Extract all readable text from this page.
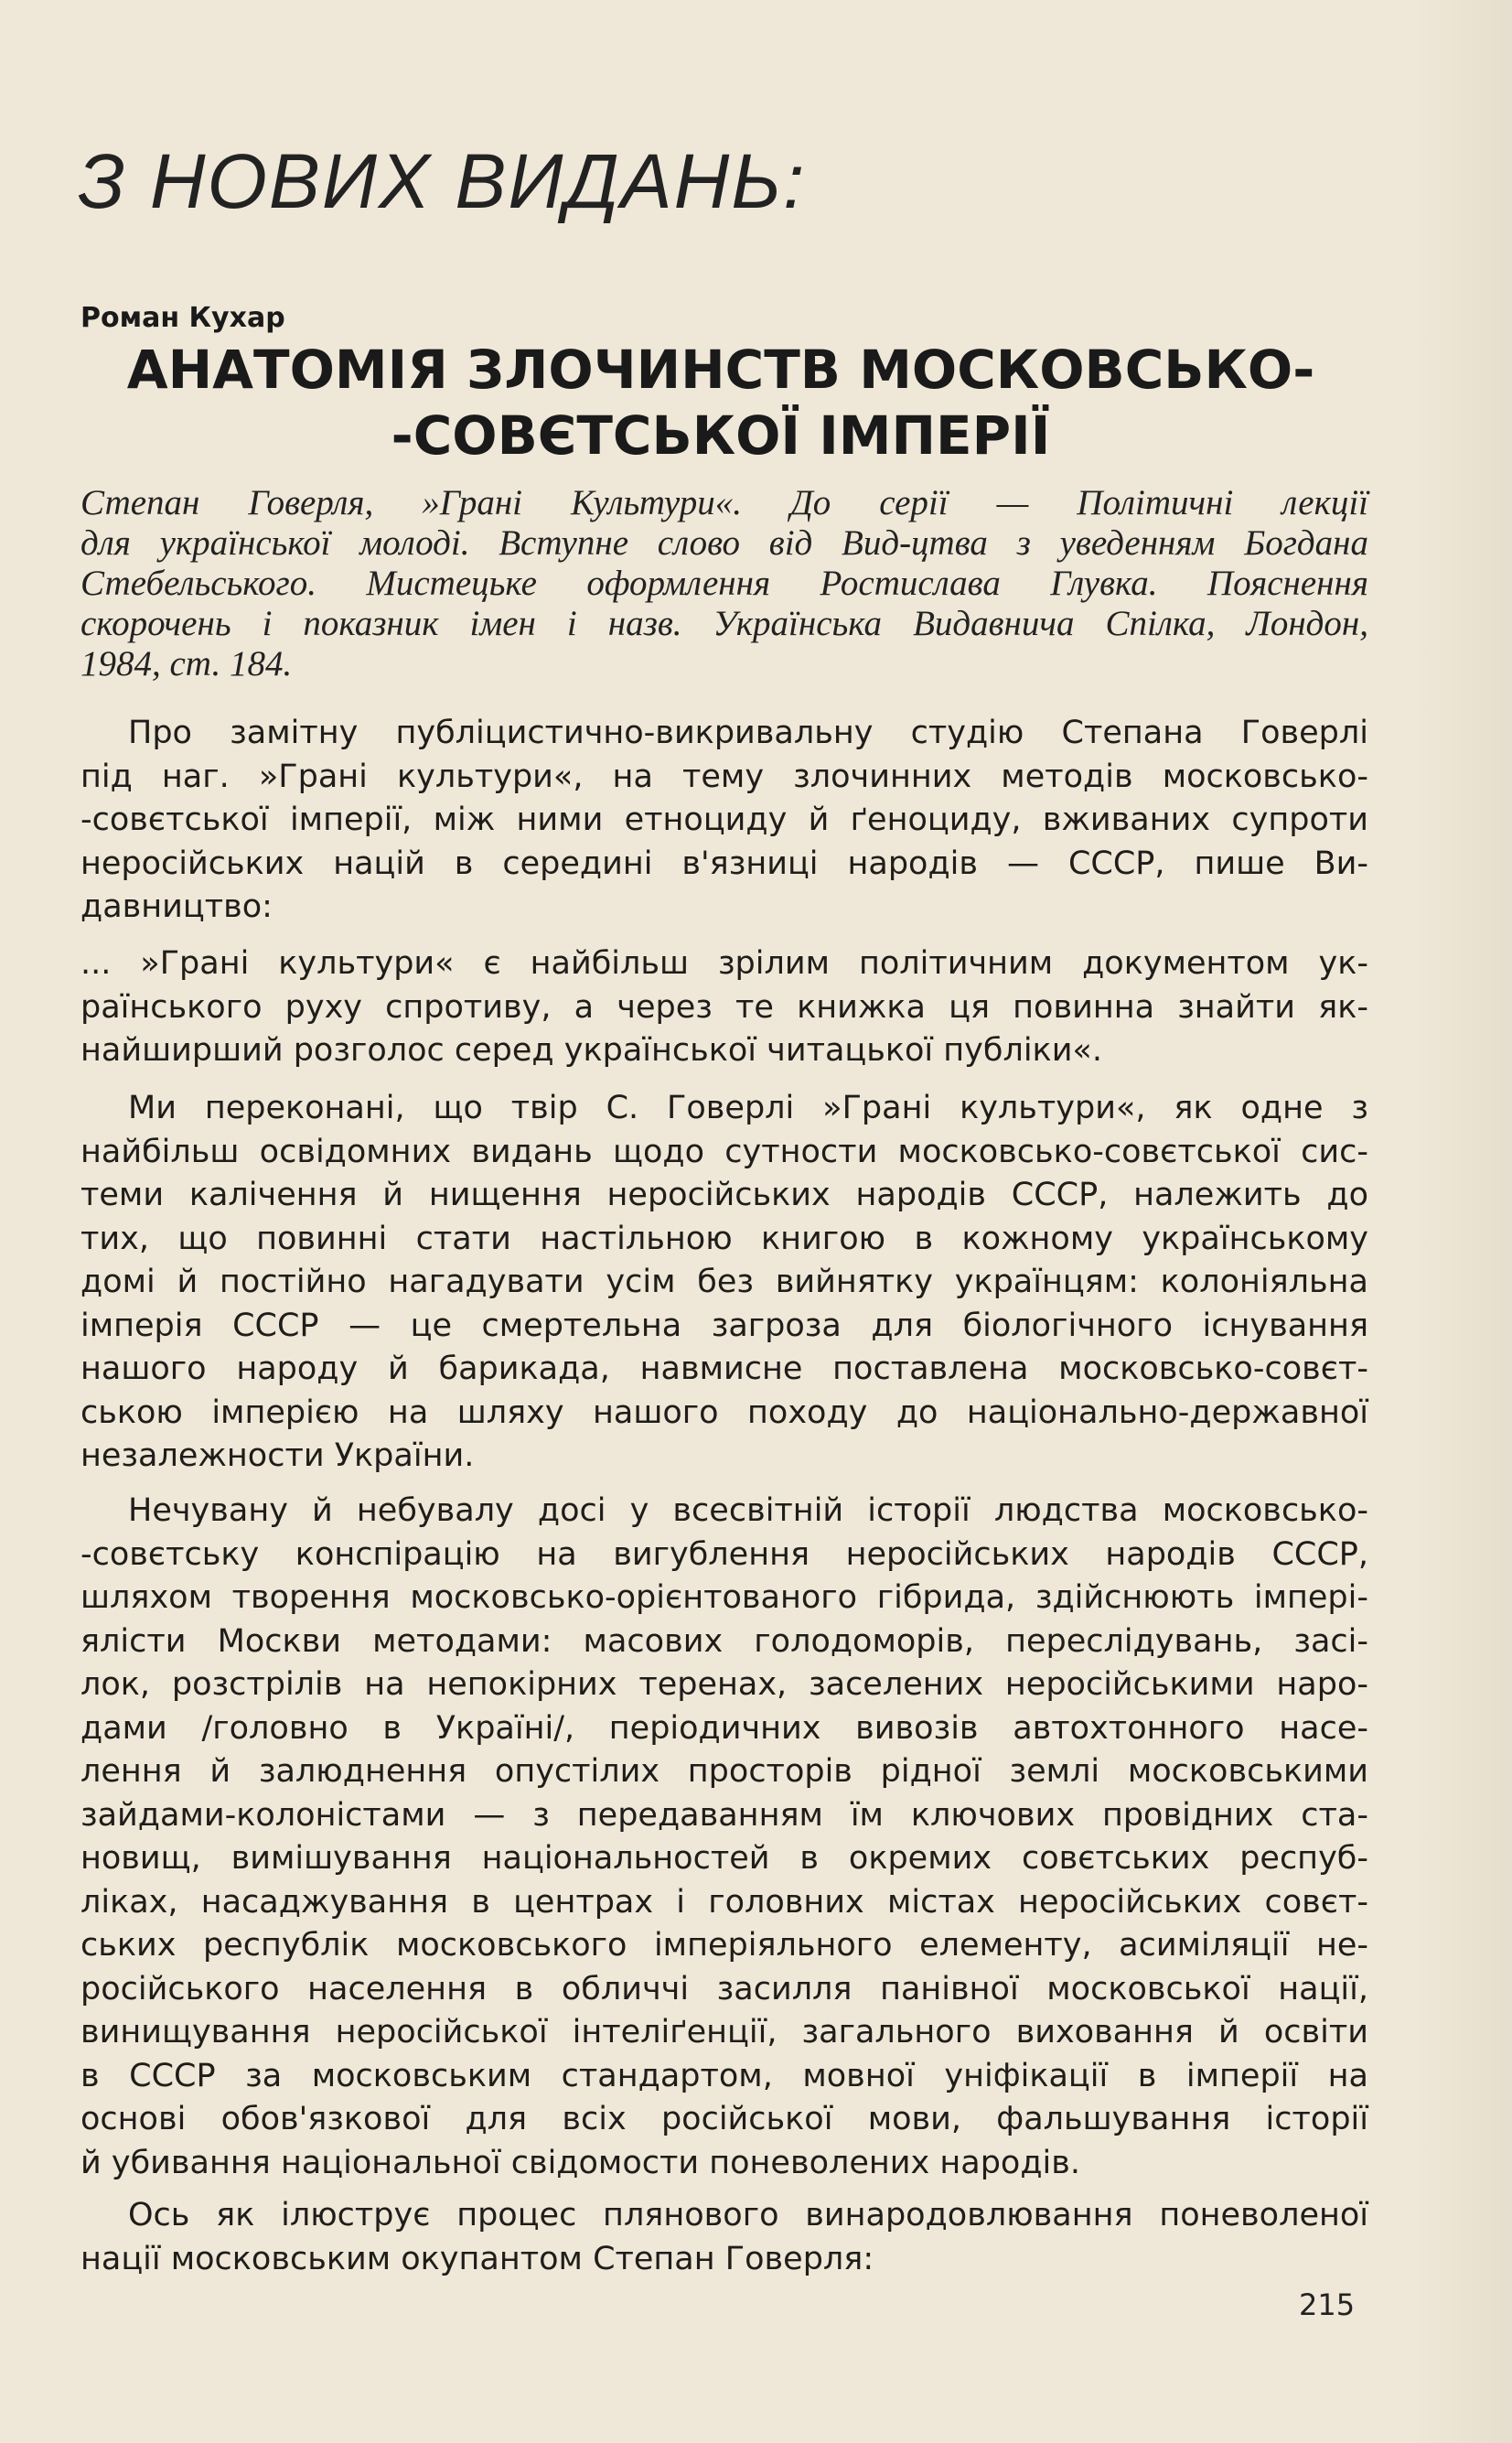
З НОВИХ ВИДАНЬ:
Роман Кухар
АНАТОМІЯ ЗЛОЧИНСТВ МОСКОВСЬКО-
-СОВЄТСЬКОЇ ІМПЕРІЇ
Степан Говерля, »Грані Культури«. До серії — Політичні лекції
для української молоді. Вступне слово від Вид-цтва з уведенням Богдана
Стебельського. Мистецьке оформлення Ростислава Глувка. Пояснення
скорочень і показник імен і назв. Українська Видавнича Спілка, Лондон,
1984, ст. 184.
Про замітну публіцистично-викривальну студію Степана Говерлі
під наг. »Грані культури«, на тему злочинних методів московсько-
-совєтської імперії, між ними етноциду й ґеноциду, вживаних супроти
неросійських націй в середині в'язниці народів — СССР, пише Ви-
давництво:
... »Грані культури« є найбільш зрілим політичним документом ук-
раїнського руху спротиву, а через те книжка ця повинна знайти як-
найширший розголос серед української читацької публіки«.
Ми переконані, що твір С. Говерлі »Грані культури«, як одне з
найбільш освідомних видань щодо сутности московсько-совєтської сис-
теми калічення й нищення неросійських народів СССР, належить до
тих, що повинні стати настільною книгою в кожному українському
домі й постійно нагадувати усім без вийнятку українцям: колоніяльна
імперія СССР — це смертельна загроза для біологічного існування
нашого народу й барикада, навмисне поставлена московсько-совєт-
ською імперією на шляху нашого походу до національно-державної
незалежности України.
Нечувану й небувалу досі у всесвітній історії людства московсько-
-совєтську конспірацію на вигублення неросійських народів СССР,
шляхом творення московсько-орієнтованого гібрида, здійснюють імпері-
ялісти Москви методами: масових голодоморів, переслідувань, засі-
лок, розстрілів на непокірних теренах, заселених неросійськими наро-
дами /головно в Україні/, періодичних вивозів автохтонного насе-
лення й залюднення опустілих просторів рідної землі московськими
зайдами-колоністами — з передаванням їм ключових провідних ста-
новищ, вимішування національностей в окремих совєтських респуб-
ліках, насаджування в центрах і головних містах неросійських совєт-
ських республік московського імперіяльного елементу, асиміляції не-
російського населення в обличчі засилля панівної московської нації,
винищування неросійської інтеліґенції, загального виховання й освіти
в СССР за московським стандартом, мовної уніфікації в імперії на
основі обов'язкової для всіх російської мови, фальшування історії
й убивання національної свідомости поневолених народів.
Ось як ілюструє процес плянового винародовлювання поневоленої
нації московським окупантом Степан Говерля:
215
